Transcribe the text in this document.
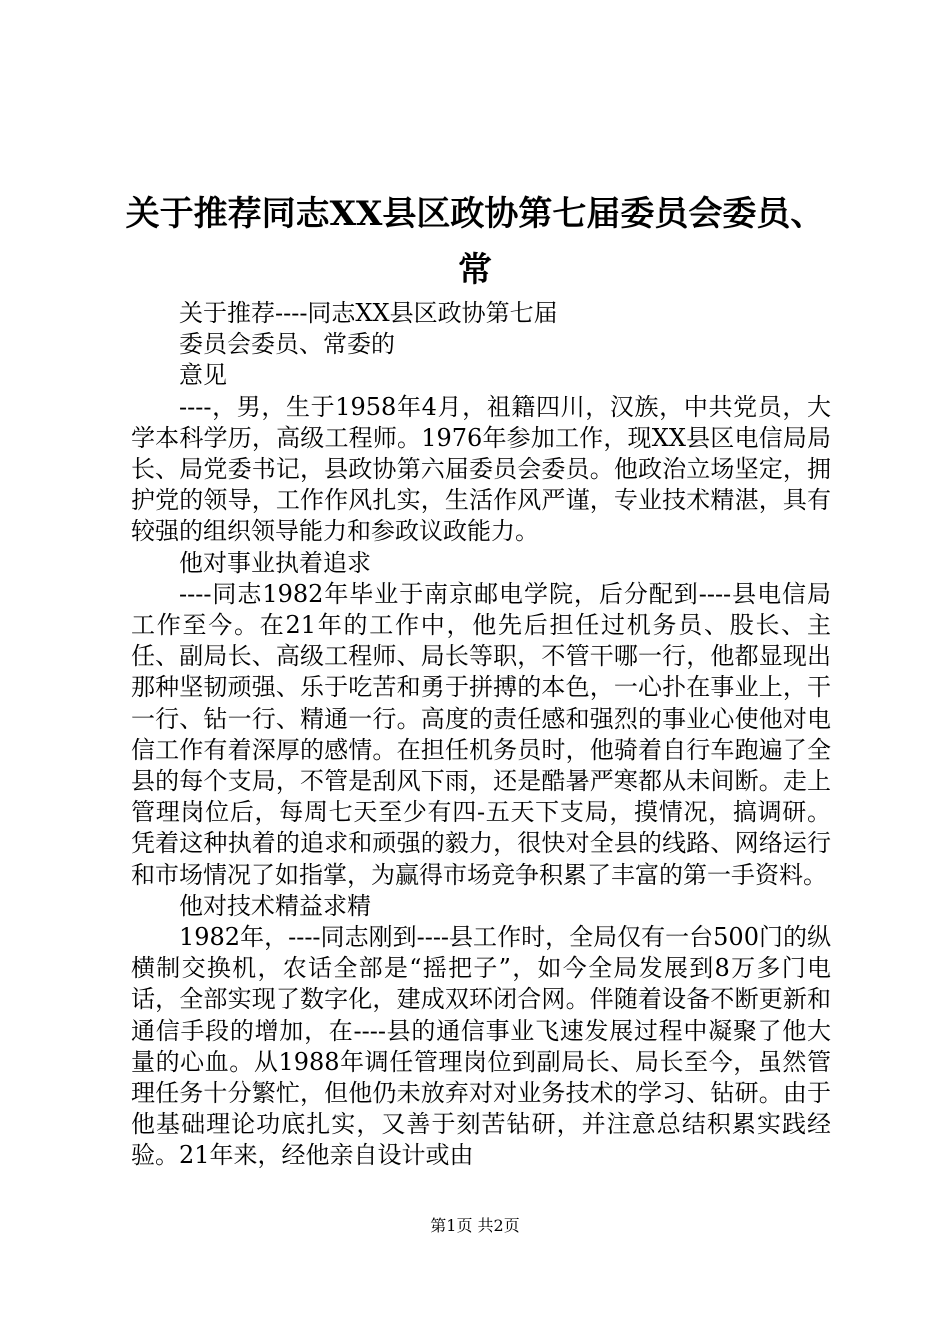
关于推荐同志XX县区政协第七届委员会委员、
常

关于推荐----同志XX县区政协第七届

委员会委员、常委的

意见

----，男，生于1958年4月，祖籍四川，汉族，中共党员，大学本科学历，高级工程师。1976年参加工作，现XX县区电信局局长、局党委书记，县政协第六届委员会委员。他政治立场坚定，拥护党的领导，工作作风扎实，生活作风严谨，专业技术精湛，具有较强的组织领导能力和参政议政能力。

他对事业执着追求

----同志1982年毕业于南京邮电学院，后分配到----县电信局工作至今。在21年的工作中，他先后担任过机务员、股长、主任、副局长、高级工程师、局长等职，不管干哪一行，他都显现出那种坚韧顽强、乐于吃苦和勇于拼搏的本色，一心扑在事业上，干一行、钻一行、精通一行。高度的责任感和强烈的事业心使他对电信工作有着深厚的感情。在担任机务员时，他骑着自行车跑遍了全县的每个支局，不管是刮风下雨，还是酷暑严寒都从未间断。走上管理岗位后，每周七天至少有四-五天下支局，摸情况，搞调研。凭着这种执着的追求和顽强的毅力，很快对全县的线路、网络运行和市场情况了如指掌，为赢得市场竞争积累了丰富的第一手资料。

他对技术精益求精

1982年，----同志刚到----县工作时，全局仅有一台500门的纵横制交换机，农话全部是“摇把子”，如今全局发展到8万多门电话，全部实现了数字化，建成双环闭合网。伴随着设备不断更新和通信手段的增加，在----县的通信事业飞速发展过程中凝聚了他大量的心血。从1988年调任管理岗位到副局长、局长至今，虽然管理任务十分繁忙，但他仍未放弃对对业务技术的学习、钻研。由于他基础理论功底扎实，又善于刻苦钻研，并注意总结积累实践经验。21年来，经他亲自设计或由

第1页 共2页
